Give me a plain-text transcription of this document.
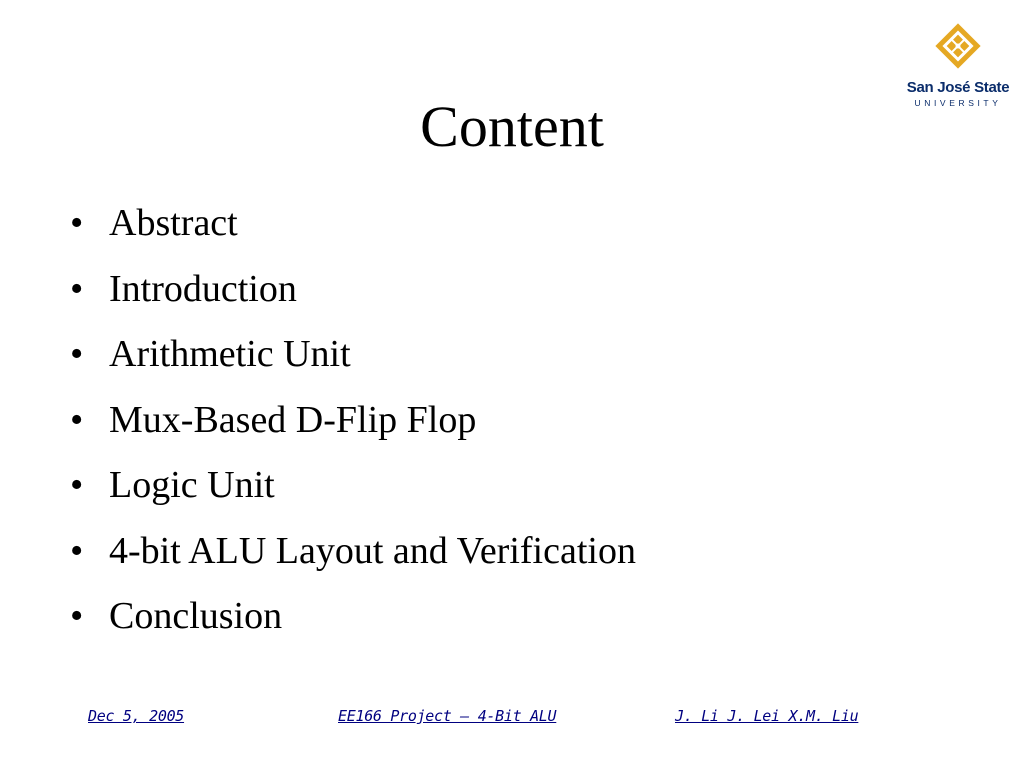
San José State
UNIVERSITY
Content
• Abstract
• Introduction
• Arithmetic Unit
• Mux-Based D-Flip Flop
• Logic Unit
• 4-bit ALU Layout and Verification
• Conclusion
Dec 5, 2005	EE166 Project – 4-Bit ALU	J. Li J. Lei X.M. Liu
